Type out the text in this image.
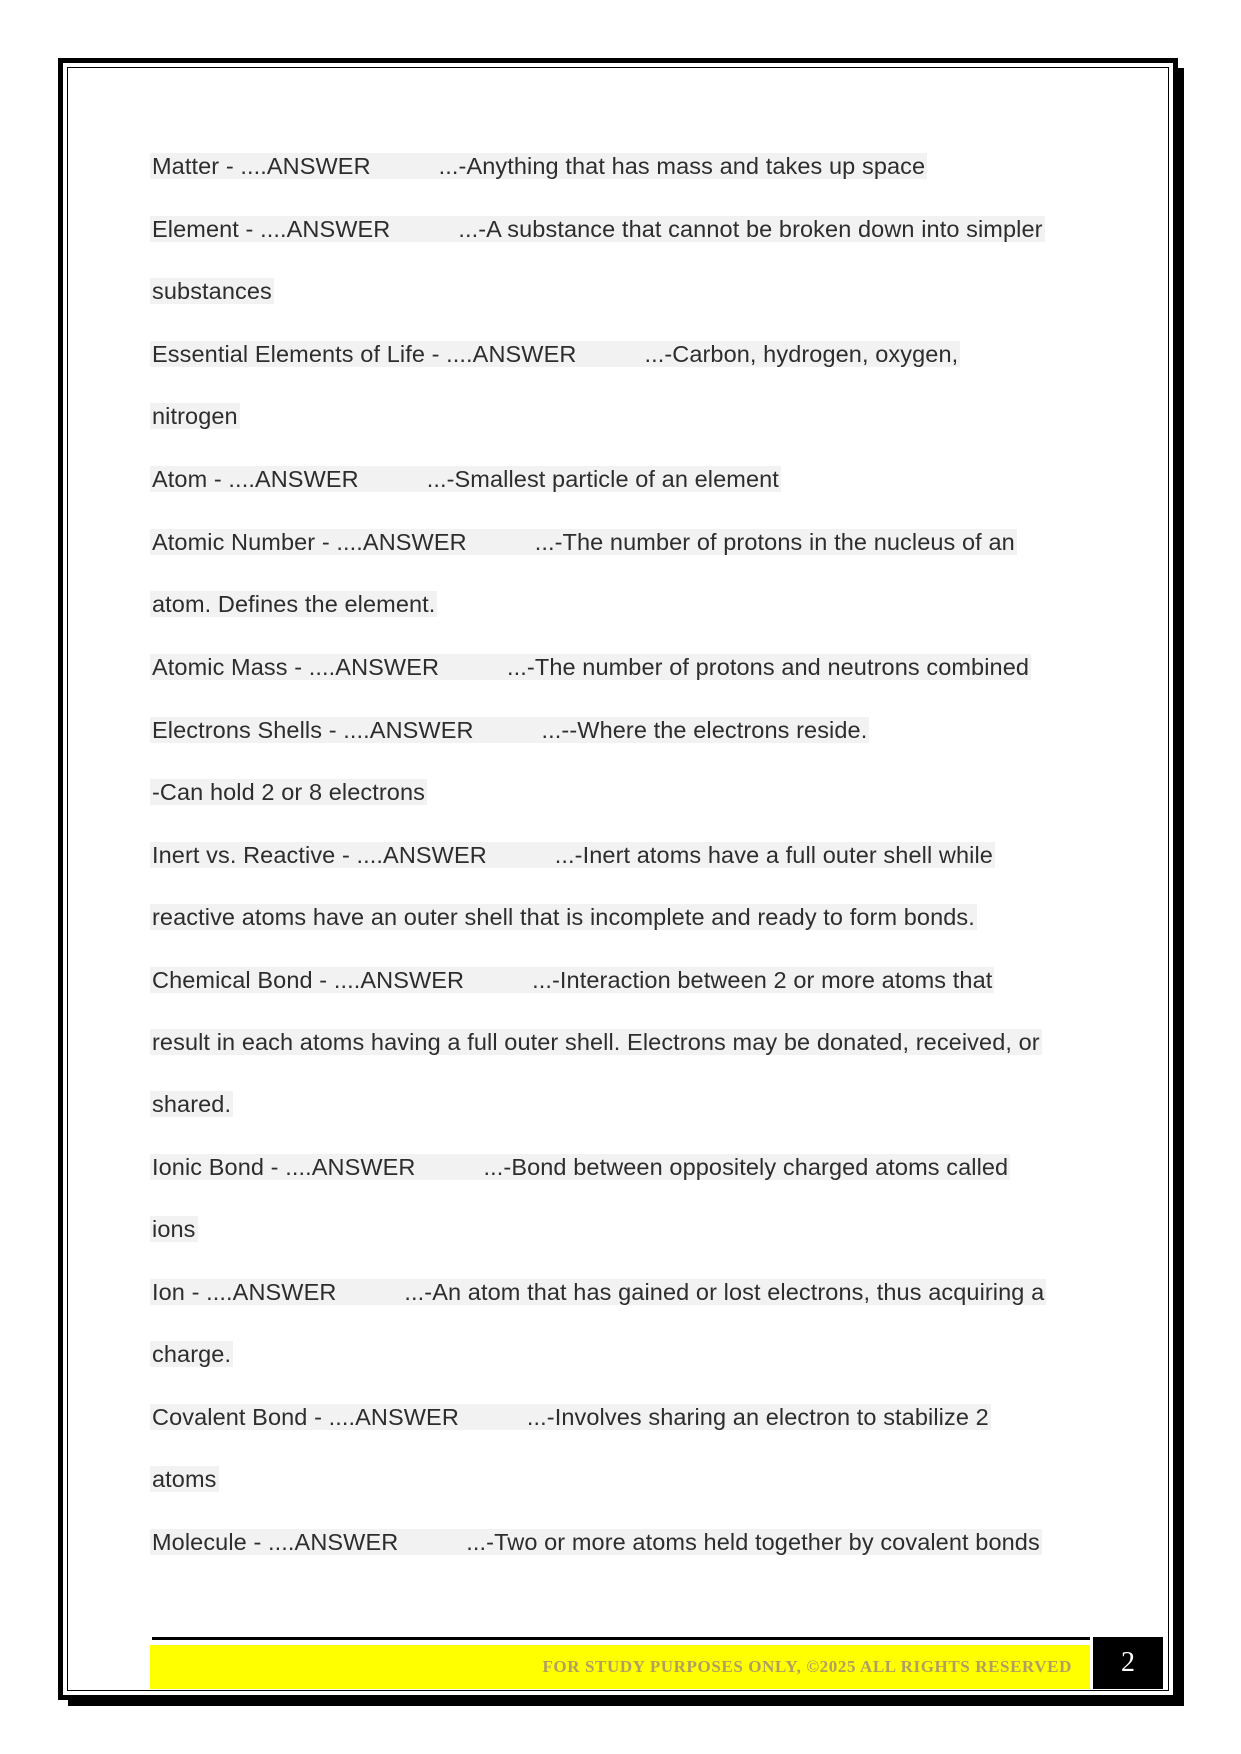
Matter - ....ANSWER	...-Anything that has mass and takes up space
Element - ....ANSWER	...-A substance that cannot be broken down into simpler
substances
Essential Elements of Life - ....ANSWER	...-Carbon, hydrogen, oxygen,
nitrogen
Atom - ....ANSWER	...-Smallest particle of an element
Atomic Number - ....ANSWER	...-The number of protons in the nucleus of an
atom. Defines the element.
Atomic Mass - ....ANSWER	...-The number of protons and neutrons combined
Electrons Shells - ....ANSWER	...--Where the electrons reside.
-Can hold 2 or 8 electrons
Inert vs. Reactive - ....ANSWER	...-Inert atoms have a full outer shell while
reactive atoms have an outer shell that is incomplete and ready to form bonds.
Chemical Bond - ....ANSWER	...-Interaction between 2 or more atoms that
result in each atoms having a full outer shell. Electrons may be donated, received, or
shared.
Ionic Bond - ....ANSWER	...-Bond between oppositely charged atoms called
ions
Ion - ....ANSWER	...-An atom that has gained or lost electrons, thus acquiring a
charge.
Covalent Bond - ....ANSWER	...-Involves sharing an electron to stabilize 2
atoms
Molecule - ....ANSWER	...-Two or more atoms held together by covalent bonds
FOR STUDY PURPOSES ONLY, ©2025 ALL RIGHTS RESERVED	2
